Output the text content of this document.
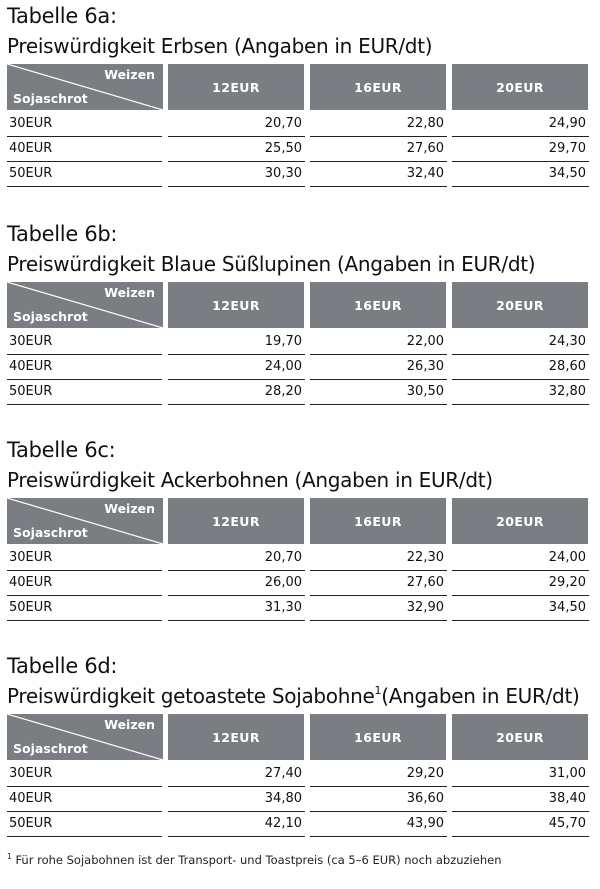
Tabelle 6a:
Preiswürdigkeit Erbsen (Angaben in EUR/dt)
Weizen
Sojaschrot
12EUR	16EUR	20EUR
30EUR	20,70	22,80	24,90
40EUR	25,50	27,60	29,70
50EUR	30,30	32,40	34,50
Tabelle 6b:
Preiswürdigkeit Blaue Süßlupinen (Angaben in EUR/dt)
Weizen
Sojaschrot
12EUR	16EUR	20EUR
30EUR	19,70	22,00	24,30
40EUR	24,00	26,30	28,60
50EUR	28,20	30,50	32,80
Tabelle 6c:
Preiswürdigkeit Ackerbohnen (Angaben in EUR/dt)
Weizen
Sojaschrot
12EUR	16EUR	20EUR
30EUR	20,70	22,30	24,00
40EUR	26,00	27,60	29,20
50EUR	31,30	32,90	34,50
Tabelle 6d:
Preiswürdigkeit getoastete Sojabohne$^1$(Angaben in EUR/dt)
Weizen
Sojaschrot
12EUR	16EUR	20EUR
30EUR	27,40	29,20	31,00
40EUR	34,80	36,60	38,40
50EUR	42,10	43,90	45,70
$^1$ Für rohe Sojabohnen ist der Transport- und Toastpreis (ca 5–6 EUR) noch abzuziehen
